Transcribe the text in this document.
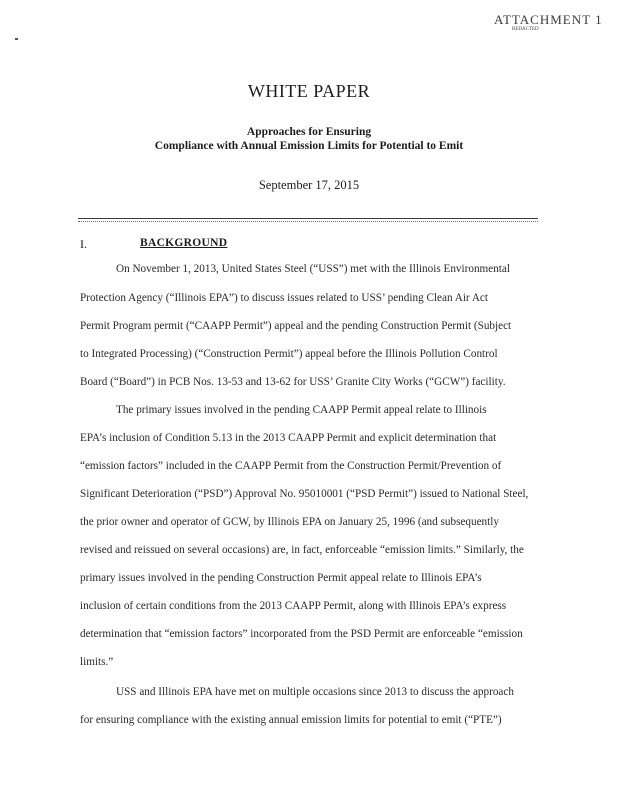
ATTACHMENT 1
REDACTED
WHITE PAPER
Approaches for Ensuring
Compliance with Annual Emission Limits for Potential to Emit
September 17, 2015
I.	BACKGROUND
On November 1, 2013, United States Steel (“USS”) met with the Illinois Environmental
Protection Agency (“Illinois EPA”) to discuss issues related to USS’ pending Clean Air Act
Permit Program permit (“CAAPP Permit”) appeal and the pending Construction Permit (Subject
to Integrated Processing) (“Construction Permit”) appeal before the Illinois Pollution Control
Board (“Board”) in PCB Nos. 13-53 and 13-62 for USS’ Granite City Works (“GCW”) facility.
The primary issues involved in the pending CAAPP Permit appeal relate to Illinois
EPA’s inclusion of Condition 5.13 in the 2013 CAAPP Permit and explicit determination that
“emission factors” included in the CAAPP Permit from the Construction Permit/Prevention of
Significant Deterioration (“PSD”) Approval No. 95010001 (“PSD Permit”) issued to National Steel,
the prior owner and operator of GCW, by Illinois EPA on January 25, 1996 (and subsequently
revised and reissued on several occasions) are, in fact, enforceable “emission limits.” Similarly, the
primary issues involved in the pending Construction Permit appeal relate to Illinois EPA’s
inclusion of certain conditions from the 2013 CAAPP Permit, along with Illinois EPA’s express
determination that “emission factors” incorporated from the PSD Permit are enforceable “emission
limits.”
USS and Illinois EPA have met on multiple occasions since 2013 to discuss the approach
for ensuring compliance with the existing annual emission limits for potential to emit (“PTE”)
